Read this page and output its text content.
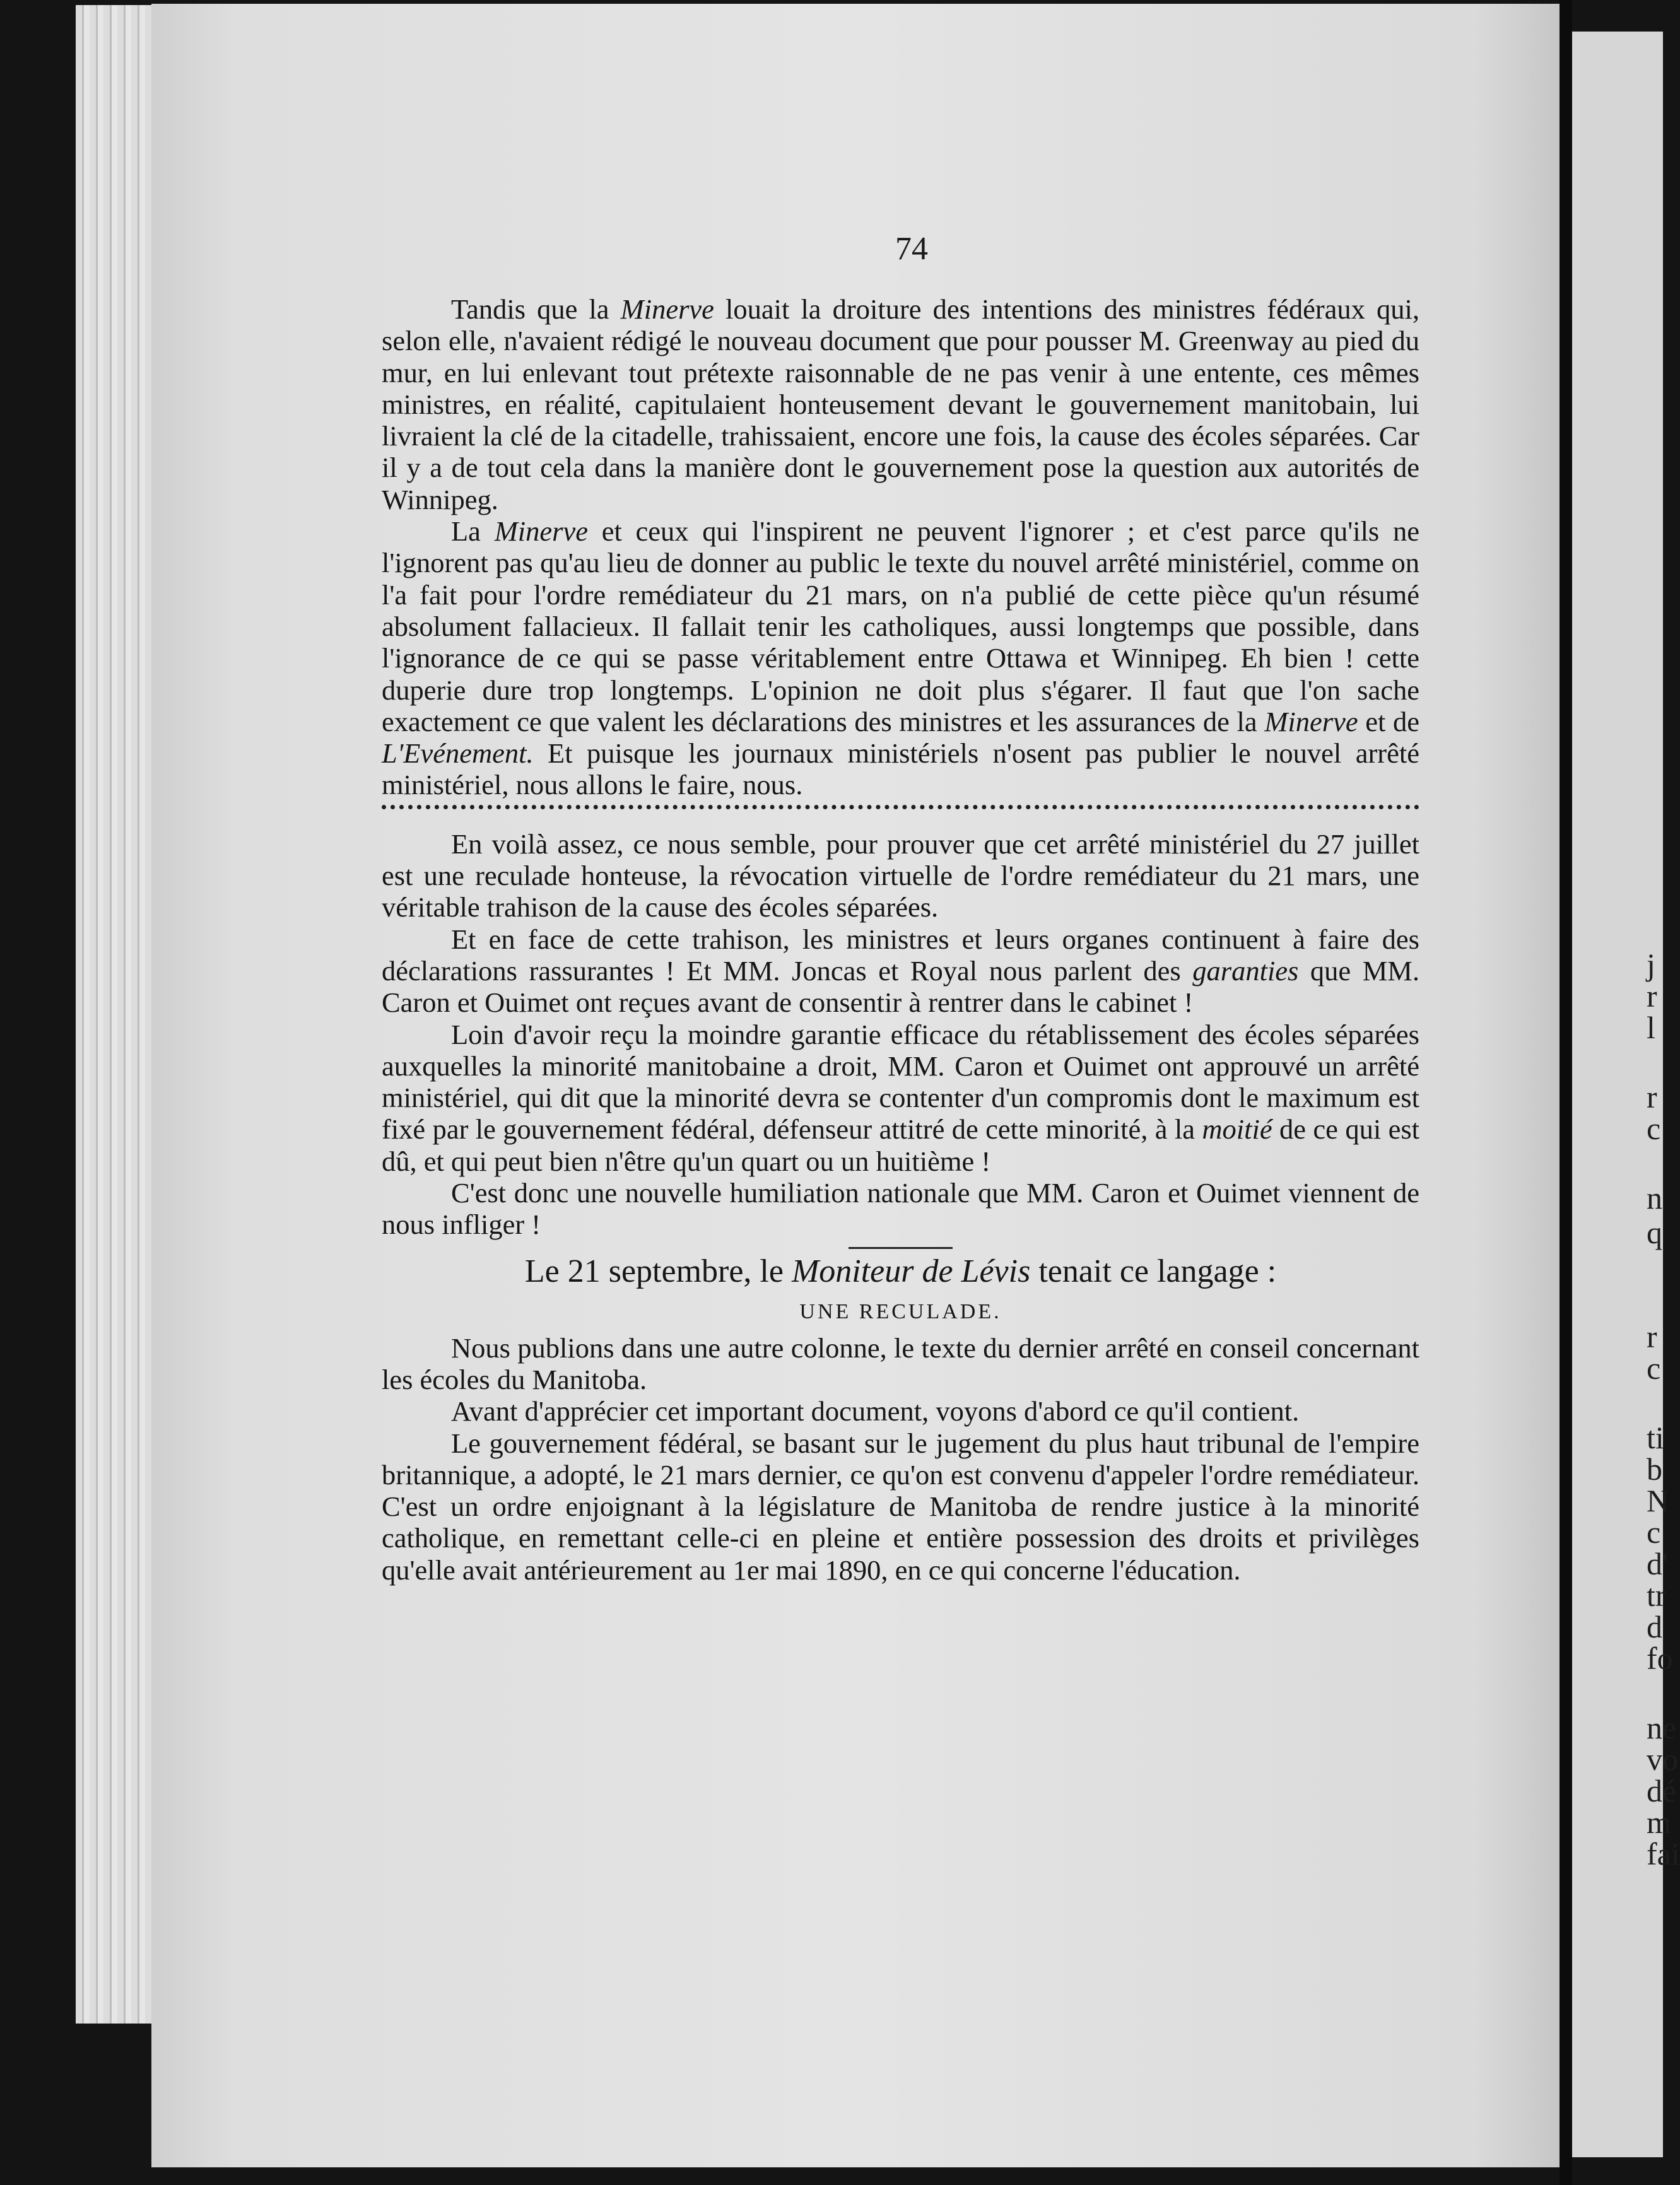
74

Tandis que la Minerve louait la droiture des intentions des ministres fédéraux qui, selon elle, n'avaient rédigé le nouveau document que pour pousser M. Greenway au pied du mur, en lui enlevant tout prétexte raisonnable de ne pas venir à une entente, ces mêmes ministres, en réalité, capitulaient honteusement devant le gouvernement manitobain, lui livraient la clé de la citadelle, trahissaient, encore une fois, la cause des écoles séparées. Car il y a de tout cela dans la manière dont le gouvernement pose la question aux autorités de Winnipeg.

La Minerve et ceux qui l'inspirent ne peuvent l'ignorer ; et c'est parce qu'ils ne l'ignorent pas qu'au lieu de donner au public le texte du nouvel arrêté ministériel, comme on l'a fait pour l'ordre remédiateur du 21 mars, on n'a publié de cette pièce qu'un résumé absolument fallacieux. Il fallait tenir les catholiques, aussi longtemps que possible, dans l'ignorance de ce qui se passe véritablement entre Ottawa et Winnipeg. Eh bien ! cette duperie dure trop longtemps. L'opinion ne doit plus s'égarer. Il faut que l'on sache exactement ce que valent les déclarations des ministres et les assurances de la Minerve et de L'Evénement. Et puisque les journaux ministériels n'osent pas publier le nouvel arrêté ministériel, nous allons le faire, nous.

En voilà assez, ce nous semble, pour prouver que cet arrêté ministériel du 27 juillet est une reculade honteuse, la révocation virtuelle de l'ordre remédiateur du 21 mars, une véritable trahison de la cause des écoles séparées.

Et en face de cette trahison, les ministres et leurs organes continuent à faire des déclarations rassurantes ! Et MM. Joncas et Royal nous parlent des garanties que MM. Caron et Ouimet ont reçues avant de consentir à rentrer dans le cabinet !

Loin d'avoir reçu la moindre garantie efficace du rétablissement des écoles séparées auxquelles la minorité manitobaine a droit, MM. Caron et Ouimet ont approuvé un arrêté ministériel, qui dit que la minorité devra se contenter d'un compromis dont le maximum est fixé par le gouvernement fédéral, défenseur attitré de cette minorité, à la moitié de ce qui est dû, et qui peut bien n'être qu'un quart ou un huitième !

C'est donc une nouvelle humiliation nationale que MM. Caron et Ouimet viennent de nous infliger !

Le 21 septembre, le Moniteur de Lévis tenait ce langage :

UNE RECULADE.

Nous publions dans une autre colonne, le texte du dernier arrêté en conseil concernant les écoles du Manitoba.

Avant d'apprécier cet important document, voyons d'abord ce qu'il contient.

Le gouvernement fédéral, se basant sur le jugement du plus haut tribunal de l'empire britannique, a adopté, le 21 mars dernier, ce qu'on est convenu d'appeler l'ordre remédiateur. C'est un ordre enjoignant à la législature de Manitoba de rendre justice à la minorité catholique, en remettant celle-ci en pleine et entière possession des droits et privilèges qu'elle avait antérieurement au 1er mai 1890, en ce qui concerne l'éducation.

j
r
l
r
c
n
q
r
c
ti
b
N
c
d'
tr
d
fo
ne
vo
dé
m
fai
